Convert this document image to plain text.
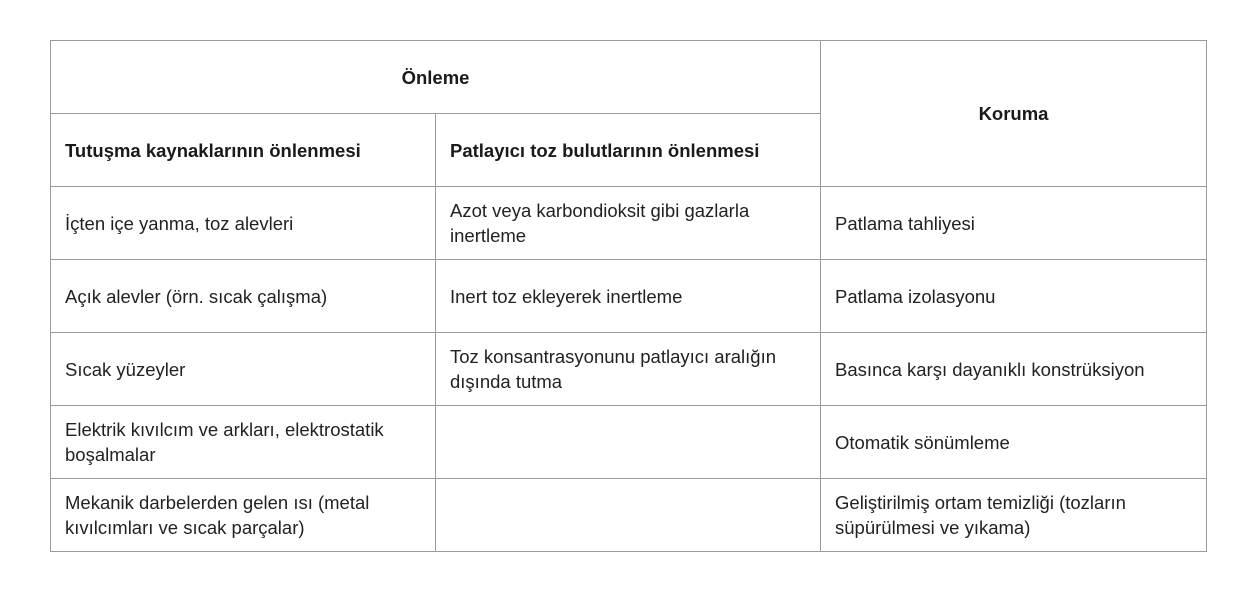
Önleme		Koruma
Tutuşma kaynaklarının önlenmesi	Patlayıcı toz bulutlarının önlenmesi	
İçten içe yanma, toz alevleri	Azot veya karbondioksit gibi gazlarla inertleme	Patlama tahliyesi
Açık alevler (örn. sıcak çalışma)	Inert toz ekleyerek inertleme	Patlama izolasyonu
Sıcak yüzeyler	Toz konsantrasyonunu patlayıcı aralığın dışında tutma	Basınca karşı dayanıklı konstrüksiyon
Elektrik kıvılcım ve arkları, elektrostatik boşalmalar		Otomatik sönümleme
Mekanik darbelerden gelen ısı (metal kıvılcımları ve sıcak parçalar)		Geliştirilmiş ortam temizliği (tozların süpürülmesi ve yıkama)
